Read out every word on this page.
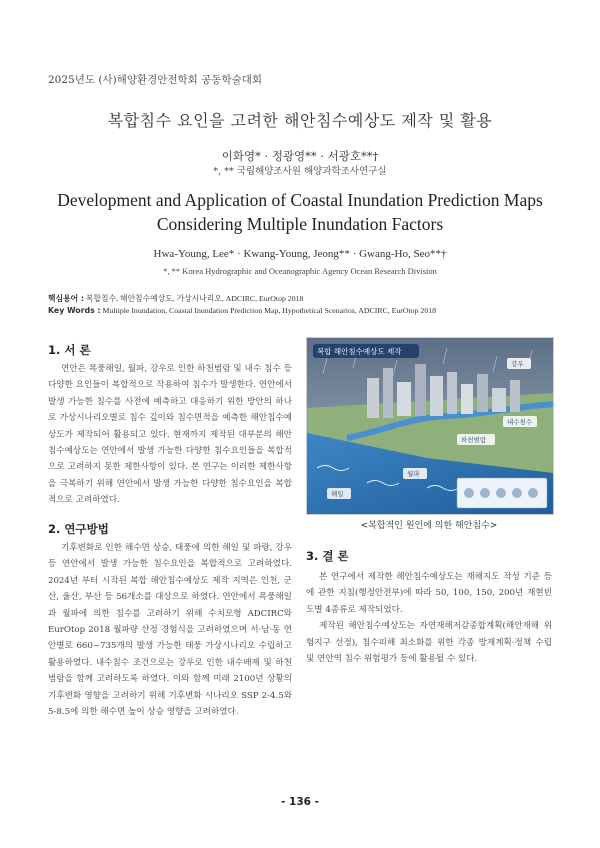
2025년도 (사)해양환경안전학회 공동학술대회
복합침수 요인을 고려한 해안침수예상도 제작 및 활용
이화영* · 정광영** · 서광호**†
*, ** 국립해양조사원 해양과학조사연구실
Development and Application of Coastal Inundation Prediction Maps
Considering Multiple Inundation Factors
Hwa-Young, Lee* · Kwang-Young, Jeong** · Gwang-Ho, Seo**†
*, ** Korea Hydrographic and Oceanographic Agency Ocean Research Division
핵심용어 : 복합침수, 해안침수예상도, 가상시나리오, ADCIRC, EurOtop 2018
Key Words : Multiple Inundation, Coastal Inundation Prediction Map, Hypothetical Scenarios, ADCIRC, EurOtop 2018
1. 서 론

연안은 폭풍해일, 월파, 강우로 인한 하천범람 및 내수 침수 등 다양한 요인들이 복합적으로 작용하여 침수가 발생한다. 연안에서 발생 가능한 침수를 사전에 예측하고 대응하기 위한 방안의 하나로 가상시나리오별로 침수 깊이와 침수면적을 예측한 해안침수예상도가 제작되어 활용되고 있다. 현재까지 제작된 대부분의 해안침수예상도는 연안에서 발생 가능한 다양한 침수요인들을 복합적으로 고려하지 못한 제한사항이 있다. 본 연구는 이러한 제한사항을 극복하기 위해 연안에서 발생 가능한 다양한 침수요인을 복합적으로 고려하였다.

2. 연구방법

기후변화로 인한 해수면 상승, 태풍에 의한 해일 및 파랑, 강우 등 연안에서 발생 가능한 침수요인을 복합적으로 고려하였다. 2024년 부터 시작된 복합 해안침수예상도 제작 지역은 인천, 군산, 울산, 부산 등 56개소를 대상으로 하였다. 연안에서 폭풍해일과 월파에 의한 침수를 고려하기 위해 수치모형 ADCIRC와 EurOtop 2018 월파량 산정 경험식을 고려하였으며 서·남·동 연안별로 660~735개의 발생 가능한 태풍 가상시나리오 수립하고 활용하였다. 내수침수 조건으로는 강우로 인한 내수배제 및 하천범람을 함께 고려하도록 하였다. 이와 함께 미래 2100년 상황의 기후변화 영향을 고려하기 위해 기후변화 시나리오 SSP 2-4.5와 5-8.5에 의한 해수면 높이 상승 영향을 고려하였다.

복합 해안침수예상도 제작
내수침수
해일
월파
하천범람
강우
<복합적인 원인에 의한 해안침수>
3. 결 론

본 연구에서 제작한 해안침수예상도는 재해지도 작성 기준 등에 관한 지침(행정안전부)에 따라 50, 100, 150, 200년 재현빈도별 4종류로 제작되었다.

제작된 해안침수예상도는 자연재해저감종합계획(해안재해 위험지구 선정), 침수피해 최소화를 위한 각종 방재계획·정책 수립 및 연안역 침수 위험평가 등에 활용될 수 있다.

- 136 -
